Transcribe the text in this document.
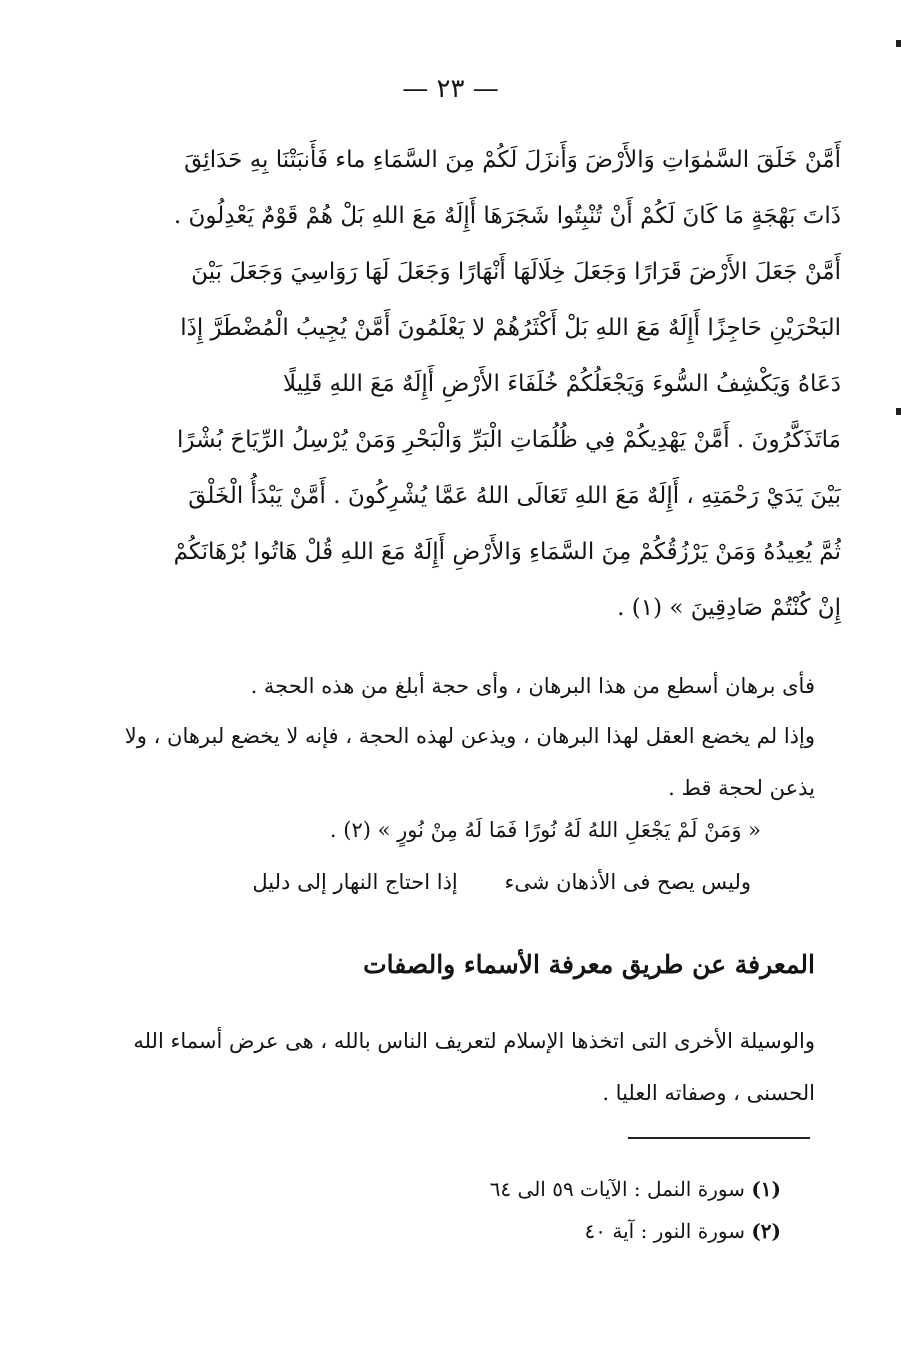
— ٢٣ —
أَمَّنْ خَلَقَ السَّمٰوَاتِ وَالأَرْضَ وَأَنزَلَ لَكُمْ مِنَ السَّمَاءِ ماء فَأَنبَتْنَا بِهِ حَدَائِقَ
ذَاتَ بَهْجَةٍ مَا كَانَ لَكُمْ أَنْ تُنْبِتُوا شَجَرَهَا أَإِلَهٌ مَعَ اللهِ بَلْ هُمْ قَوْمٌ يَعْدِلُونَ .
أَمَّنْ جَعَلَ الأَرْضَ قَرَارًا وَجَعَلَ خِلَالَهَا أَنْهَارًا وَجَعَلَ لَهَا رَوَاسِيَ وَجَعَلَ بَيْنَ
البَحْرَيْنِ حَاجِزًا أَإِلَهٌ مَعَ اللهِ بَلْ أَكْثَرُهُمْ لا يَعْلَمُونَ أَمَّنْ يُجِيبُ الْمُضْطَرَّ إِذَا
دَعَاهُ وَيَكْشِفُ السُّوءَ وَيَجْعَلُكُمْ خُلَفَاءَ الأَرْضِ أَإِلَهٌ مَعَ اللهِ قَلِيلًا
مَاتَذَكَّرُونَ . أَمَّنْ يَهْدِيكُمْ فِي ظُلُمَاتِ الْبَرِّ وَالْبَحْرِ وَمَنْ يُرْسِلُ الرِّيَاحَ بُشْرًا
بَيْنَ يَدَيْ رَحْمَتِهِ ، أَإِلَهٌ مَعَ اللهِ تَعَالَى اللهُ عَمَّا يُشْرِكُونَ . أَمَّنْ يَبْدَأُ الْخَلْقَ
ثُمَّ يُعِيدُهُ وَمَنْ يَرْزُقُكُمْ مِنَ السَّمَاءِ وَالأَرْضِ أَإِلَهٌ مَعَ اللهِ قُلْ هَاتُوا بُرْهَانَكُمْ
إِنْ كُنْتُمْ صَادِقِينَ » (١) .
فأى برهان أسطع من هذا البرهان ، وأى حجة أبلغ من هذه الحجة .
وإذا لم يخضع العقل لهذا البرهان ، ويذعن لهذه الحجة ، فإنه لا يخضع لبرهان ، ولا يذعن لحجة قط .
« وَمَنْ لَمْ يَجْعَلِ اللهُ لَهُ نُورًا فَمَا لَهُ مِنْ نُورٍ » (٢) .
وليس يصح فى الأذهان شىء إذا احتاج النهار إلى دليل
المعرفة عن طريق معرفة الأسماء والصفات
والوسيلة الأخرى التى اتخذها الإسلام لتعريف الناس بالله ، هى عرض أسماء الله الحسنى ، وصفاته العليا .
(١) سورة النمل : الآيات ٥٩ الى ٦٤
(٢) سورة النور : آية ٤٠
